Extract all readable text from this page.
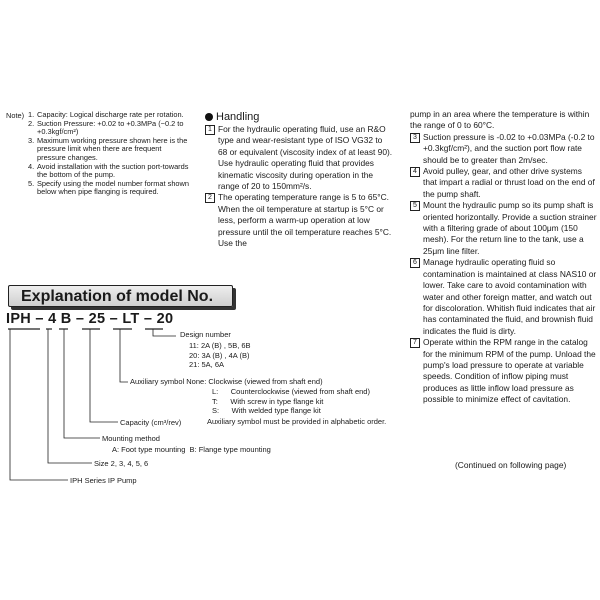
Note) 1. Capacity: Logical discharge rate per rotation.
2. Suction Pressure: +0.02 to +0.3MPa (−0.2 to +0.3kgf/cm²)
3. Maximum working pressure shown here is the pressure limit when there are frequent pressure changes.
4. Avoid installation with the suction port-towards the bottom of the pump.
5. Specify using the model number format shown below when pipe flanging is required.
Handling
1 For the hydraulic operating fluid, use an R&O type and wear-resistant type of ISO VG32 to 68 or equivalent (viscosity index of at least 90). Use hydraulic operating fluid that provides kinematic viscosity during operation in the range of 20 to 150mm²/s.
2 The operating temperature range is 5 to 65°C. When the oil temperature at startup is 5°C or less, perform a warm-up operation at low pressure until the oil temperature reaches 5°C. Use the
pump in an area where the temperature is within the range of 0 to 60°C.
3 Suction pressure is -0.02 to +0.03MPa (-0.2 to +0.3kgf/cm²), and the suction port flow rate should be to greater than 2m/sec.
4 Avoid pulley, gear, and other drive systems that impart a radial or thrust load on the end of the pump shaft.
5 Mount the hydraulic pump so its pump shaft is oriented horizontally. Provide a suction strainer with a filtering grade of about 100μm (150 mesh). For the return line to the tank, use a 25μm line filter.
6 Manage hydraulic operating fluid so contamination is maintained at class NAS10 or lower. Take care to avoid contamination with water and other foreign matter, and watch out for discoloration. Whitish fluid indicates that air has contaminated the fluid, and brownish fluid indicates the fluid is dirty.
7 Operate within the RPM range in the catalog for the minimum RPM of the pump. Unload the pump's load pressure to operate at variable speeds. Condition of inflow piping must produces as little inflow load pressure as possible to minimize effect of cavitation.
(Continued on following page)
Explanation of model No.
IPH – 4 B – 25 – LT – 20
Design number
11: 2A (B) , 5B, 6B
20: 3A (B) , 4A (B)
21: 5A, 6A
Auxiliary symbol None: Clockwise (viewed from shaft end)
L:      Counterclockwise (viewed from shaft end)
T:      With screw in type flange kit
S:      With welded type flange kit
Auxiliary symbol must be provided in alphabetic order.
Capacity (cm³/rev)
Mounting method
A: Foot type mounting  B: Flange type mounting
Size 2, 3, 4, 5, 6
IPH Series IP Pump
